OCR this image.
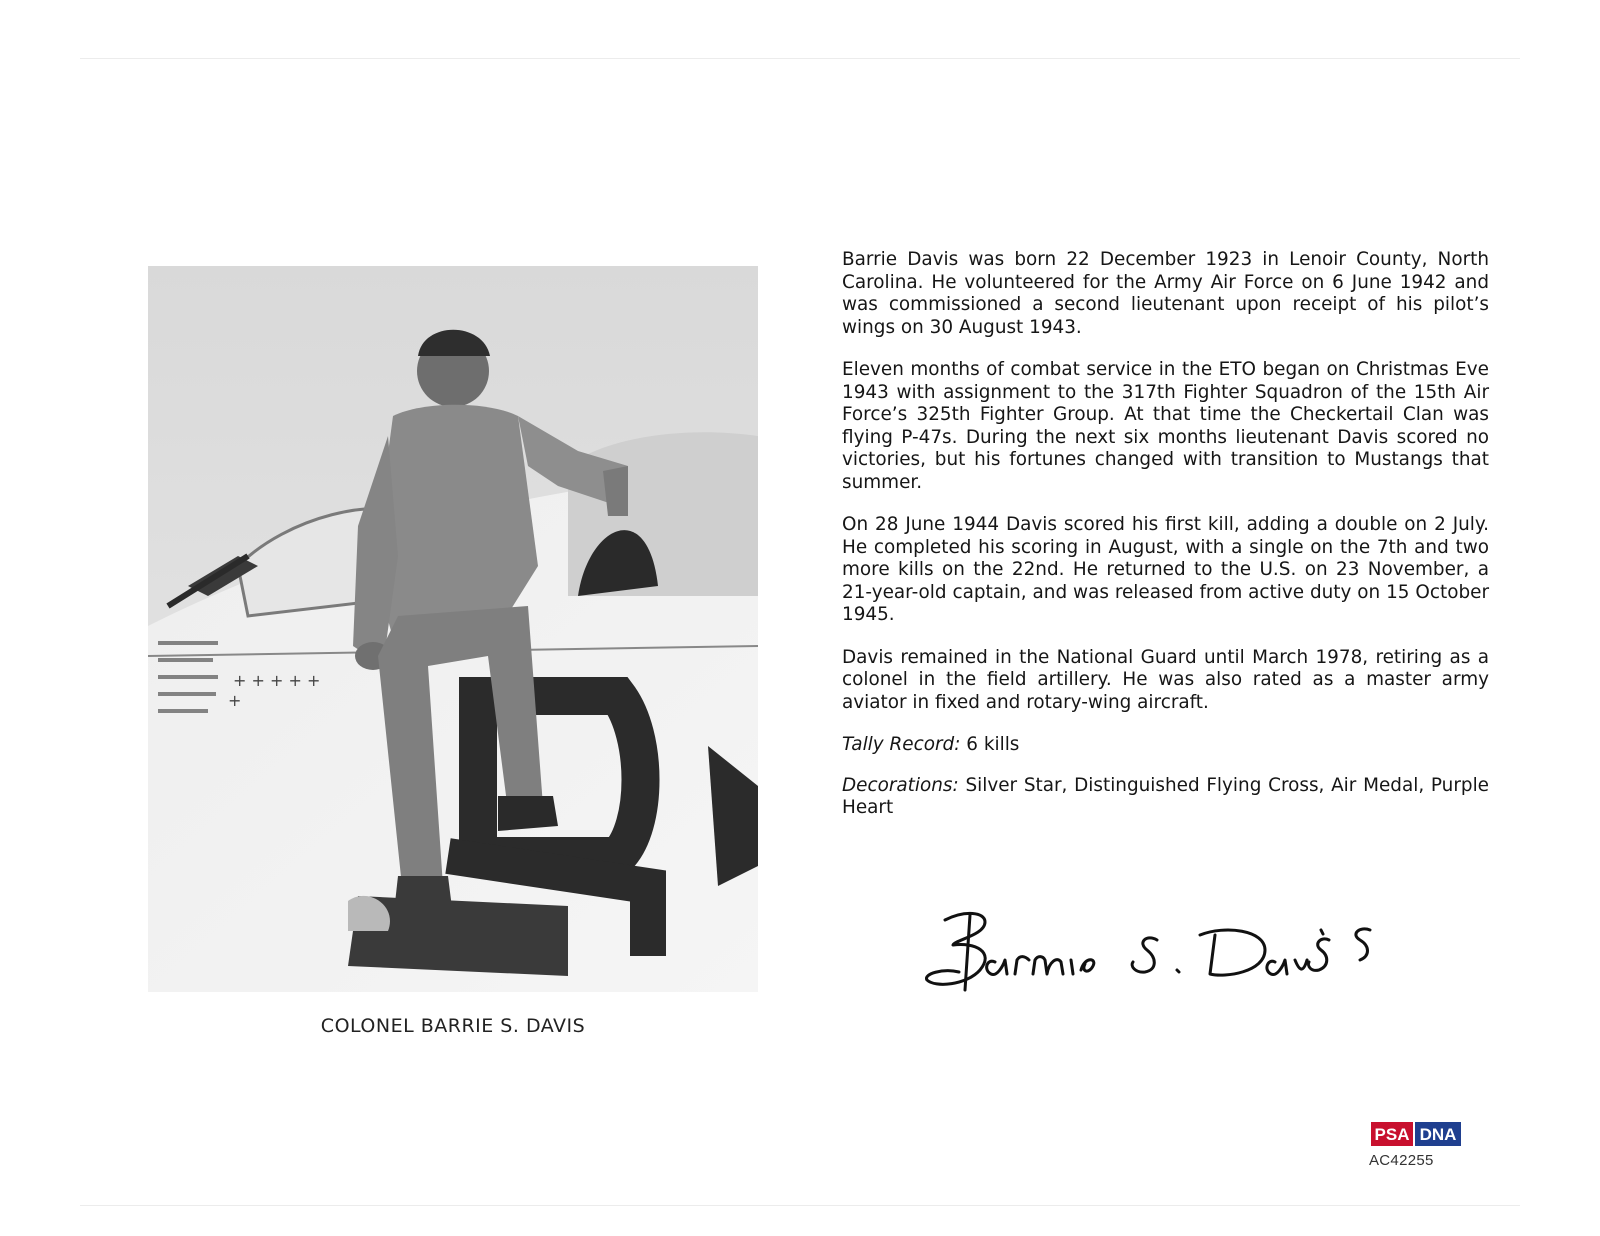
+ + + + +
+
COLONEL BARRIE S. DAVIS

Barrie Davis was born 22 December 1923 in Lenoir County, North Carolina. He volunteered for the Army Air Force on 6 June 1942 and was commissioned a second lieutenant upon receipt of his pilot’s wings on 30 August 1943.

Eleven months of combat service in the ETO began on Christmas Eve 1943 with assignment to the 317th Fighter Squadron of the 15th Air Force’s 325th Fighter Group. At that time the Checkertail Clan was flying P-47s. During the next six months lieutenant Davis scored no victories, but his fortunes changed with transition to Mustangs that summer.

On 28 June 1944 Davis scored his first kill, adding a double on 2 July. He completed his scoring in August, with a single on the 7th and two more kills on the 22nd. He returned to the U.S. on 23 November, a 21-year-old captain, and was released from active duty on 15 October 1945.

Davis remained in the National Guard until March 1978, retiring as a colonel in the field artillery. He was also rated as a master army aviator in fixed and rotary-wing aircraft.

Tally Record: 6 kills

Decorations: Silver Star, Distinguished Flying Cross, Air Medal, Purple Heart

PSA DNA
AC42255
